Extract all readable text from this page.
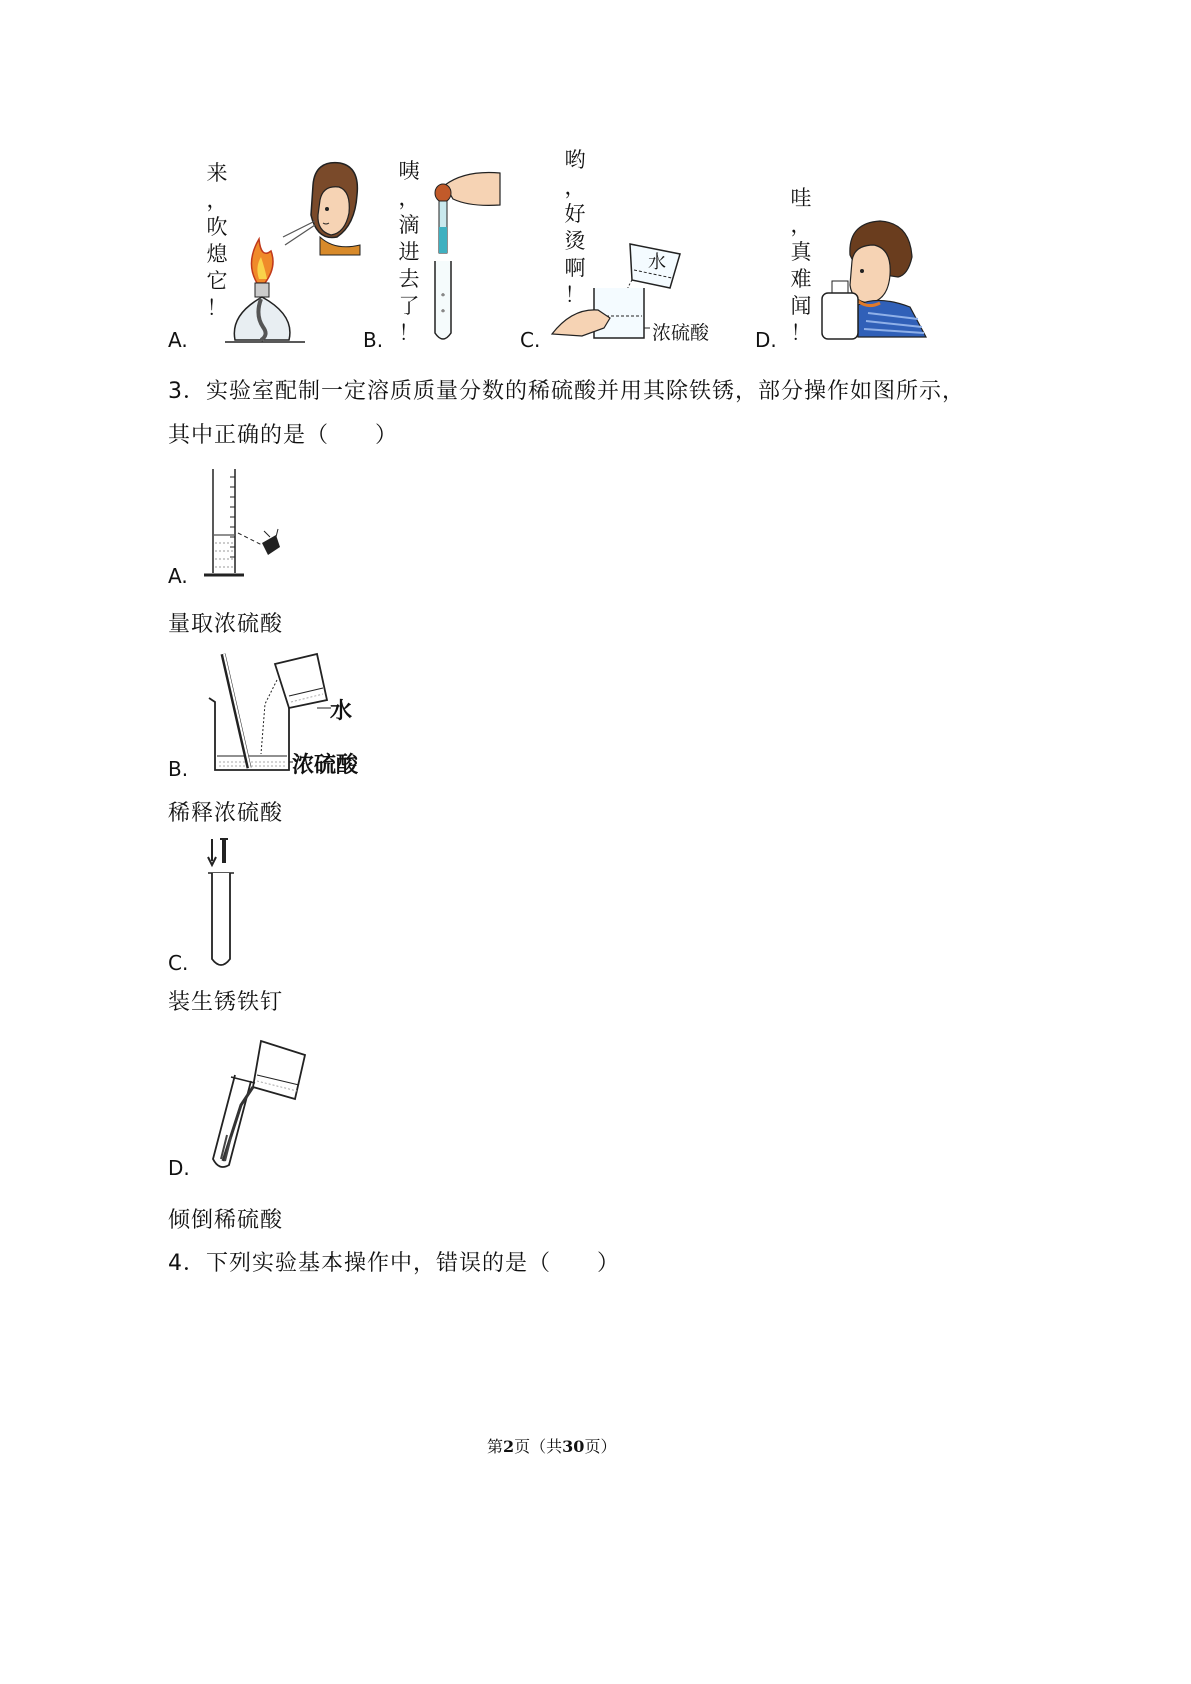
来
，
吹
熄
它
！
A.
咦
，
滴
进
去
了
！
B.
哟
，
好
烫
啊
！
水
浓硫酸
C.
哇
，
真
难
闻
！
D.
3．实验室配制一定溶质质量分数的稀硫酸并用其除铁锈，部分操作如图所示，
其中正确的是（　　）
A.
量取浓硫酸
水
浓硫酸
B.
稀释浓硫酸
C.
装生锈铁钉
D.
倾倒稀硫酸
4．下列实验基本操作中，错误的是（　　）
第2页（共30页）
